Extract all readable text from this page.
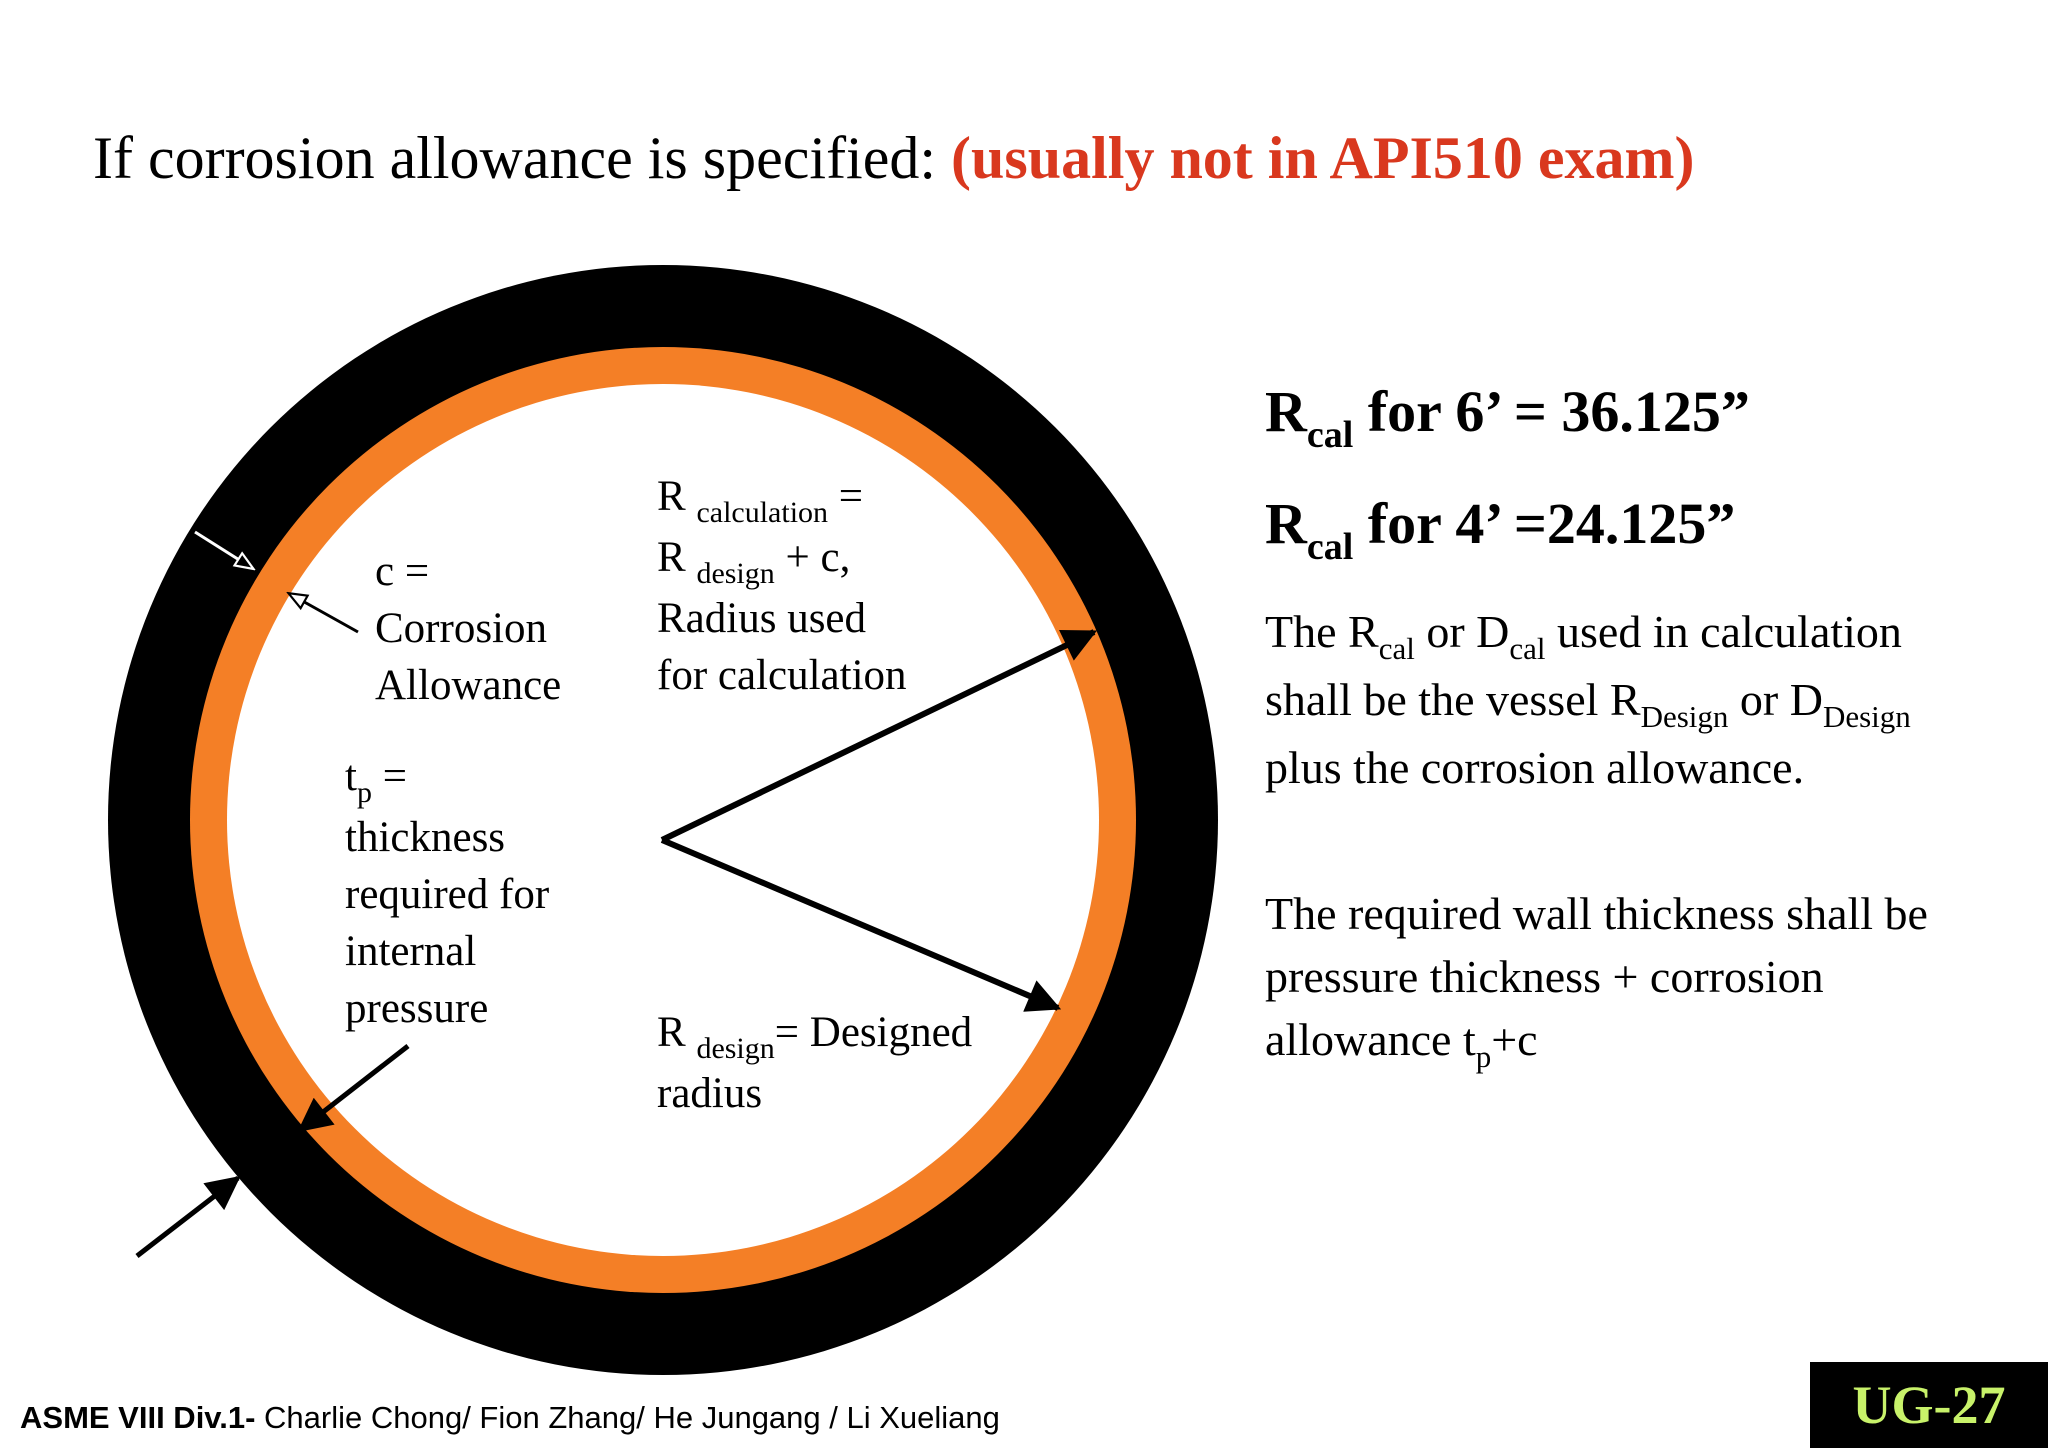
If corrosion allowance is specified: (usually not in API510 exam)
c =
Corrosion
Allowance
R $_{calculation}$ =
R $_{design}$ + c,
Radius used
for calculation
$t_p$ =
thickness
required for
internal
pressure
R $_{design}$= Designed
radius
$R_{cal}$ for 6’ = 36.125”
$R_{cal}$ for 4’ =24.125”
The $R_{cal}$ or $D_{cal}$ used in calculation shall be the vessel $R_{Design}$ or $D_{Design}$ plus the corrosion allowance.
The required wall thickness shall be pressure thickness + corrosion allowance $t_p+c$
ASME VIII Div.1- Charlie Chong/ Fion Zhang/ He Jungang / Li Xueliang	UG-27
